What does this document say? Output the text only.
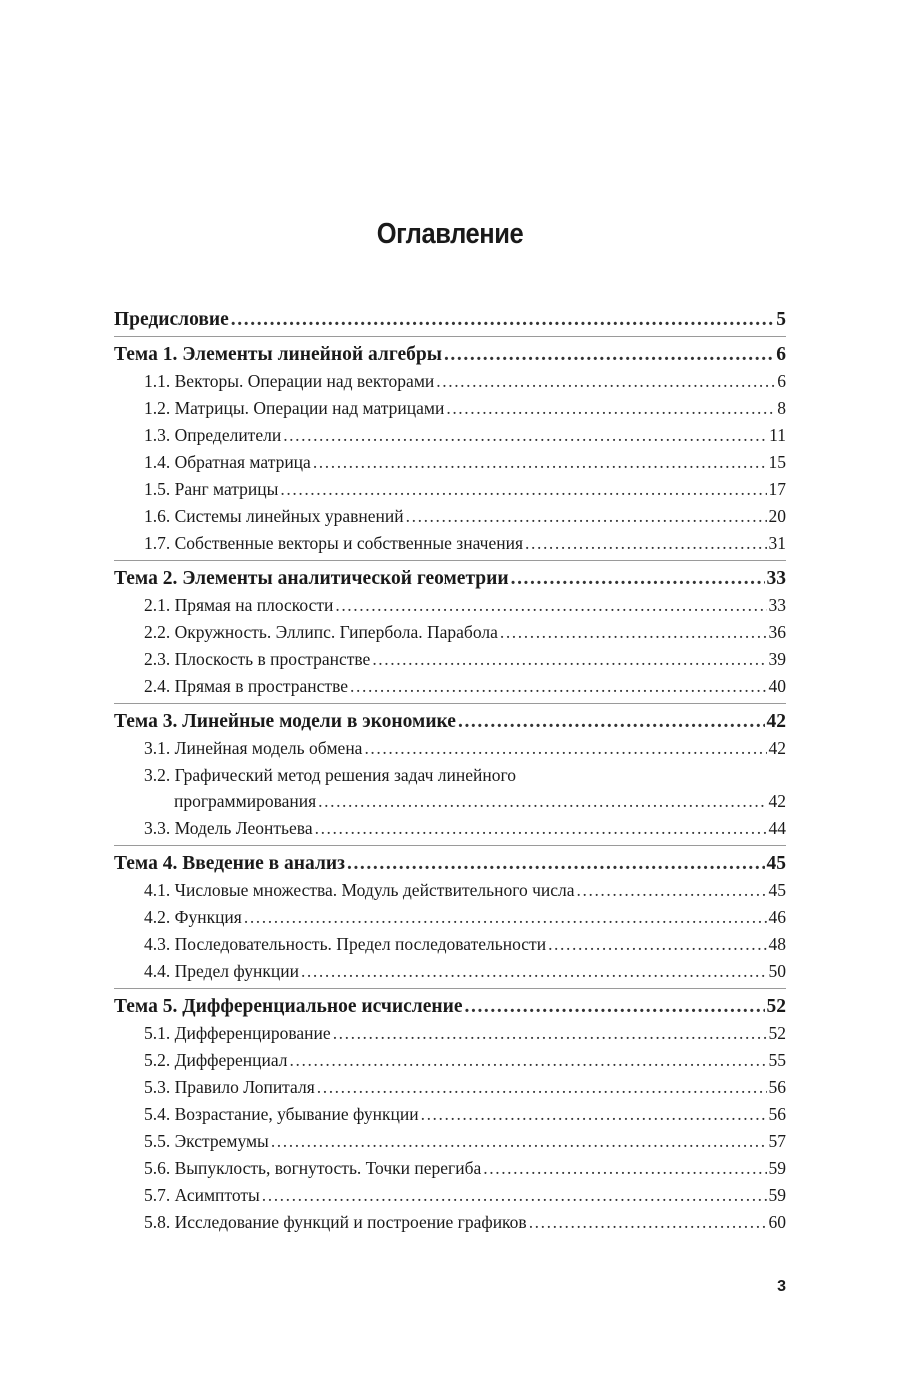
Оглавление
Предисловие .....	5
Тема 1. Элементы линейной алгебры .....	6
1.1. Векторы. Операции над векторами .....	6
1.2. Матрицы. Операции над матрицами .....	8
1.3. Определители .....	11
1.4. Обратная матрица .....	15
1.5. Ранг матрицы .....	17
1.6. Системы линейных уравнений .....	20
1.7. Собственные векторы и собственные значения .....	31
Тема 2. Элементы аналитической геометрии .....	33
2.1. Прямая на плоскости .....	33
2.2. Окружность. Эллипс. Гипербола. Парабола .....	36
2.3. Плоскость в пространстве .....	39
2.4. Прямая в пространстве .....	40
Тема 3. Линейные модели в экономике .....	42
3.1. Линейная модель обмена .....	42
3.2. Графический метод решения задач линейного
программирования .....	42
3.3. Модель Леонтьева .....	44
Тема 4. Введение в анализ .....	45
4.1. Числовые множества. Модуль действительного числа .....	45
4.2. Функция .....	46
4.3. Последовательность. Предел последовательности .....	48
4.4. Предел функции .....	50
Тема 5. Дифференциальное исчисление .....	52
5.1. Дифференцирование .....	52
5.2. Дифференциал .....	55
5.3. Правило Лопиталя .....	56
5.4. Возрастание, убывание функции .....	56
5.5. Экстремумы .....	57
5.6. Выпуклость, вогнутость. Точки перегиба .....	59
5.7. Асимптоты .....	59
5.8. Исследование функций и построение графиков .....	60
3
